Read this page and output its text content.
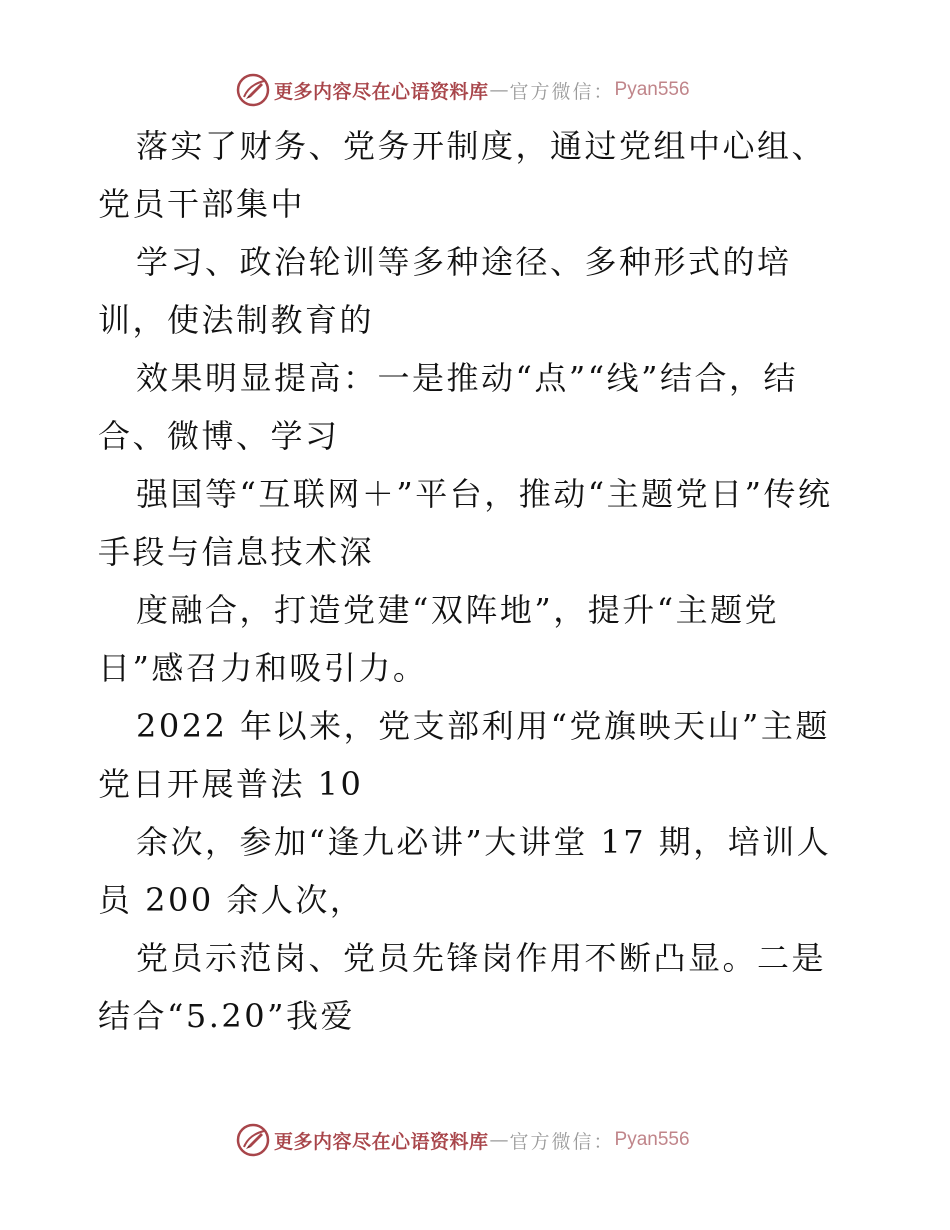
更多内容尽在心语资料库 — 官方微信： Pyan556

落实了财务、党务开制度，通过党组中心组、党员干部集中

学习、政治轮训等多种途径、多种形式的培训，使法制教育的

效果明显提高：一是推动“点”“线”结合，结合、微博、学习

强国等“互联网＋”平台，推动“主题党日”传统手段与信息技术深

度融合，打造党建“双阵地”，提升“主题党日”感召力和吸引力。

2022 年以来，党支部利用“党旗映天山”主题党日开展普法 10

余次，参加“逢九必讲”大讲堂 17 期，培训人员 200 余人次，

党员示范岗、党员先锋岗作用不断凸显。二是结合“5.20”我爱

更多内容尽在心语资料库 — 官方微信： Pyan556
